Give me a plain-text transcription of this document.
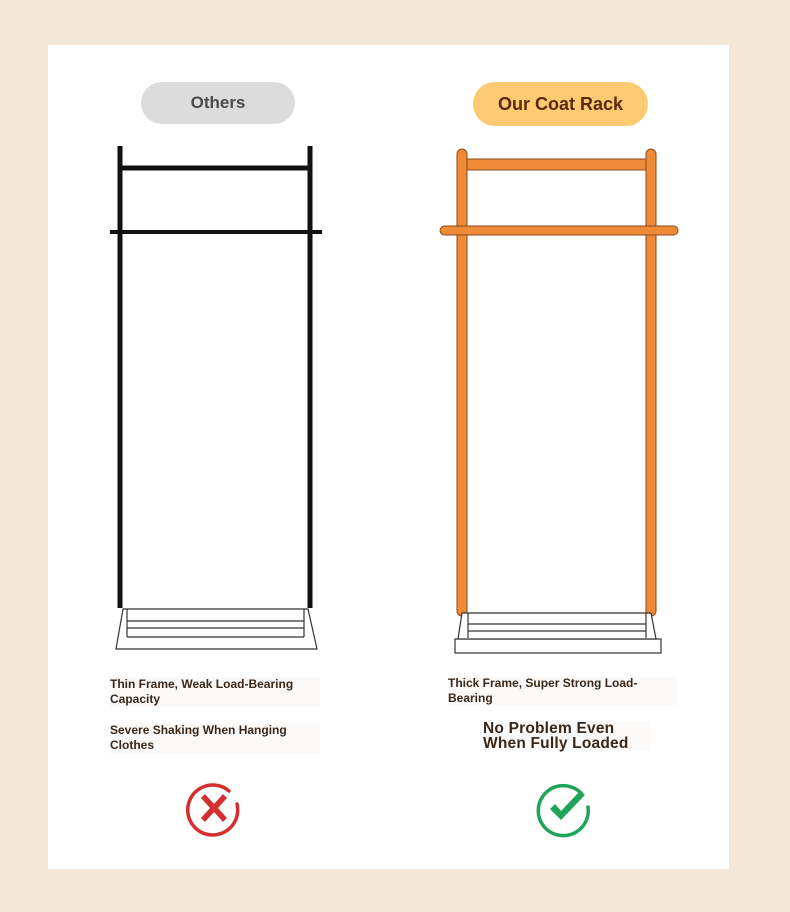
Others	Our Coat Rack
Thin Frame, Weak Load-Bearing Capacity
Severe Shaking When Hanging Clothes
Thick Frame, Super Strong Load-Bearing
No Problem Even When Fully Loaded
